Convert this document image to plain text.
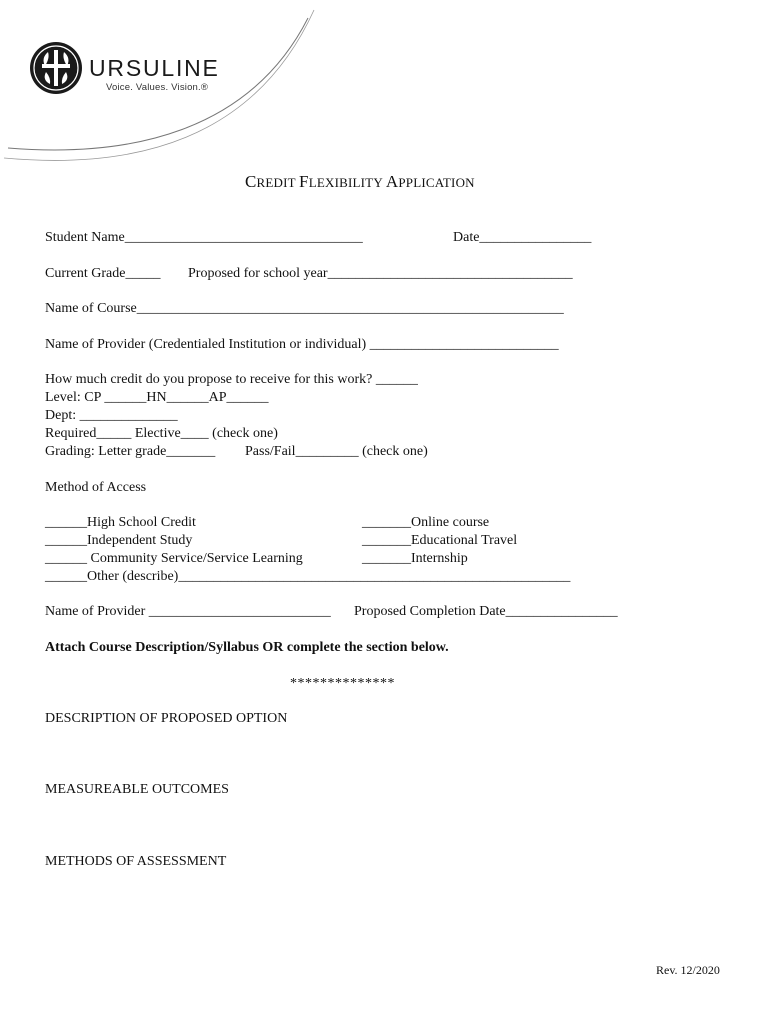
URSULINE
Voice. Values. Vision.®
CREDIT FLEXIBILITY APPLICATION
Student Name__________________________________	Date________________
Current Grade_____ Proposed for school year___________________________________
Name of Course_____________________________________________________________
Name of Provider (Credentialed Institution or individual) ___________________________
How much credit do you propose to receive for this work? ______
Level: CP ______HN______AP______
Dept: ______________
Required_____ Elective____ (check one)
Grading: Letter grade_______ Pass/Fail_________ (check one)
Method of Access
______High School Credit
______Independent Study
______ Community Service/Service Learning
______Other (describe)________________________________________________________
_______Online course
_______Educational Travel
_______Internship
Name of Provider __________________________ Proposed Completion Date________________
Attach Course Description/Syllabus OR complete the section below.
**************
DESCRIPTION OF PROPOSED OPTION
MEASUREABLE OUTCOMES
METHODS OF ASSESSMENT
Rev. 12/2020
